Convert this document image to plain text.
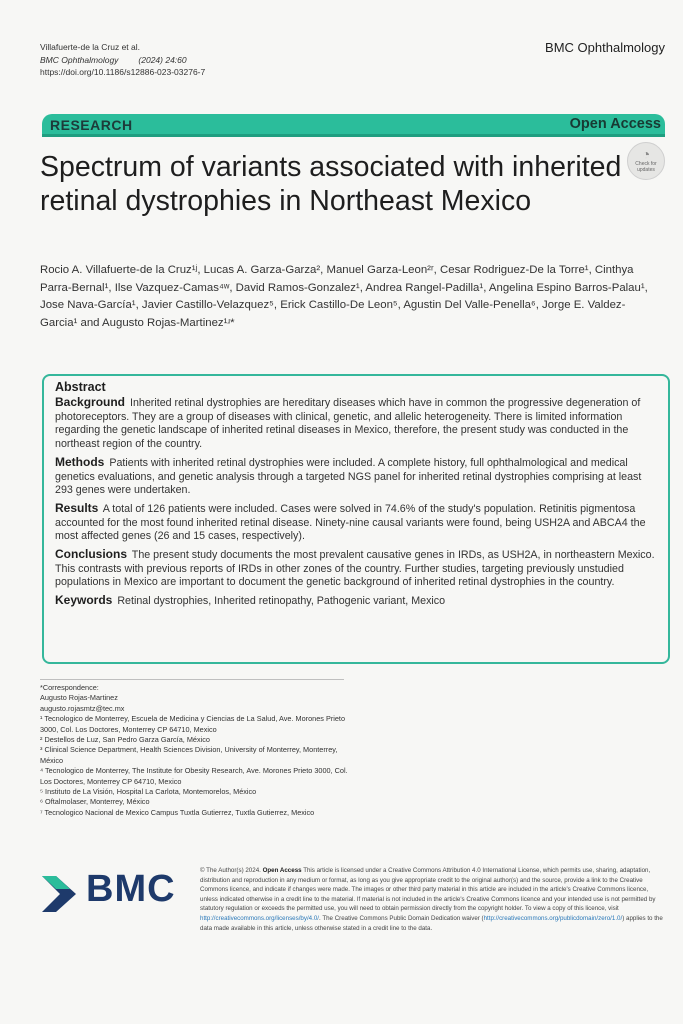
Villafuerte-de la Cruz et al.
BMC Ophthalmology (2024) 24:60
https://doi.org/10.1186/s12886-023-03276-7
BMC Ophthalmology
RESEARCH	Open Access
Spectrum of variants associated with inherited retinal dystrophies in Northeast Mexico
◔
Check for
updates
Rocio A. Villafuerte-de la Cruz¹ʲ, Lucas A. Garza-Garza², Manuel Garza-Leon²ʳ, Cesar Rodriguez-De la Torre¹, Cinthya Parra-Bernal¹, Ilse Vazquez-Camas⁴ʷ, David Ramos-Gonzalez¹, Andrea Rangel-Padilla¹, Angelina Espino Barros-Palau¹, Jose Nava-García¹, Javier Castillo-Velazquez⁵, Erick Castillo-De Leon⁵, Agustin Del Valle-Penella⁶, Jorge E. Valdez-Garcia¹ and Augusto Rojas-Martinez¹ʴ*
Abstract

Background Inherited retinal dystrophies are hereditary diseases which have in common the progressive degeneration of photoreceptors. They are a group of diseases with clinical, genetic, and allelic heterogeneity. There is limited information regarding the genetic landscape of inherited retinal diseases in Mexico, therefore, the present study was conducted in the northeast region of the country.

Methods Patients with inherited retinal dystrophies were included. A complete history, full ophthalmological and medical genetics evaluations, and genetic analysis through a targeted NGS panel for inherited retinal dystrophies comprising at least 293 genes were undertaken.

Results A total of 126 patients were included. Cases were solved in 74.6% of the study's population. Retinitis pigmentosa accounted for the most found inherited retinal disease. Ninety-nine causal variants were found, being USH2A and ABCA4 the most affected genes (26 and 15 cases, respectively).

Conclusions The present study documents the most prevalent causative genes in IRDs, as USH2A, in northeastern Mexico. This contrasts with previous reports of IRDs in other zones of the country. Further studies, targeting previously unstudied populations in Mexico are important to document the genetic background of inherited retinal dystrophies in the country.

Keywords Retinal dystrophies, Inherited retinopathy, Pathogenic variant, Mexico

*Correspondence:
Augusto Rojas-Martinez
augusto.rojasmtz@tec.mx
¹ Tecnologico de Monterrey, Escuela de Medicina y Ciencias de La Salud, Ave. Morones Prieto 3000, Col. Los Doctores, Monterrey CP 64710, Mexico
² Destellos de Luz, San Pedro Garza García, México
³ Clinical Science Department, Health Sciences Division, University of Monterrey, Monterrey, México
⁴ Tecnologico de Monterrey, The Institute for Obesity Research, Ave. Morones Prieto 3000, Col. Los Doctores, Monterrey CP 64710, Mexico
⁵ Instituto de La Visión, Hospital La Carlota, Montemorelos, México
⁶ Oftalmolaser, Monterrey, México
⁷ Tecnologico Nacional de Mexico Campus Tuxtla Gutierrez, Tuxtla Gutierrez, Mexico
BMC	© The Author(s) 2024. Open Access This article is licensed under a Creative Commons Attribution 4.0 International License, which permits use, sharing, adaptation, distribution and reproduction in any medium or format, as long as you give appropriate credit to the original author(s) and the source, provide a link to the Creative Commons licence, and indicate if changes were made. The images or other third party material in this article are included in the article's Creative Commons licence, unless indicated otherwise in a credit line to the material. If material is not included in the article's Creative Commons licence and your intended use is not permitted by statutory regulation or exceeds the permitted use, you will need to obtain permission directly from the copyright holder. To view a copy of this licence, visit http://creativecommons.org/licenses/by/4.0/. The Creative Commons Public Domain Dedication waiver (http://creativecommons.org/publicdomain/zero/1.0/) applies to the data made available in this article, unless otherwise stated in a credit line to the data.
